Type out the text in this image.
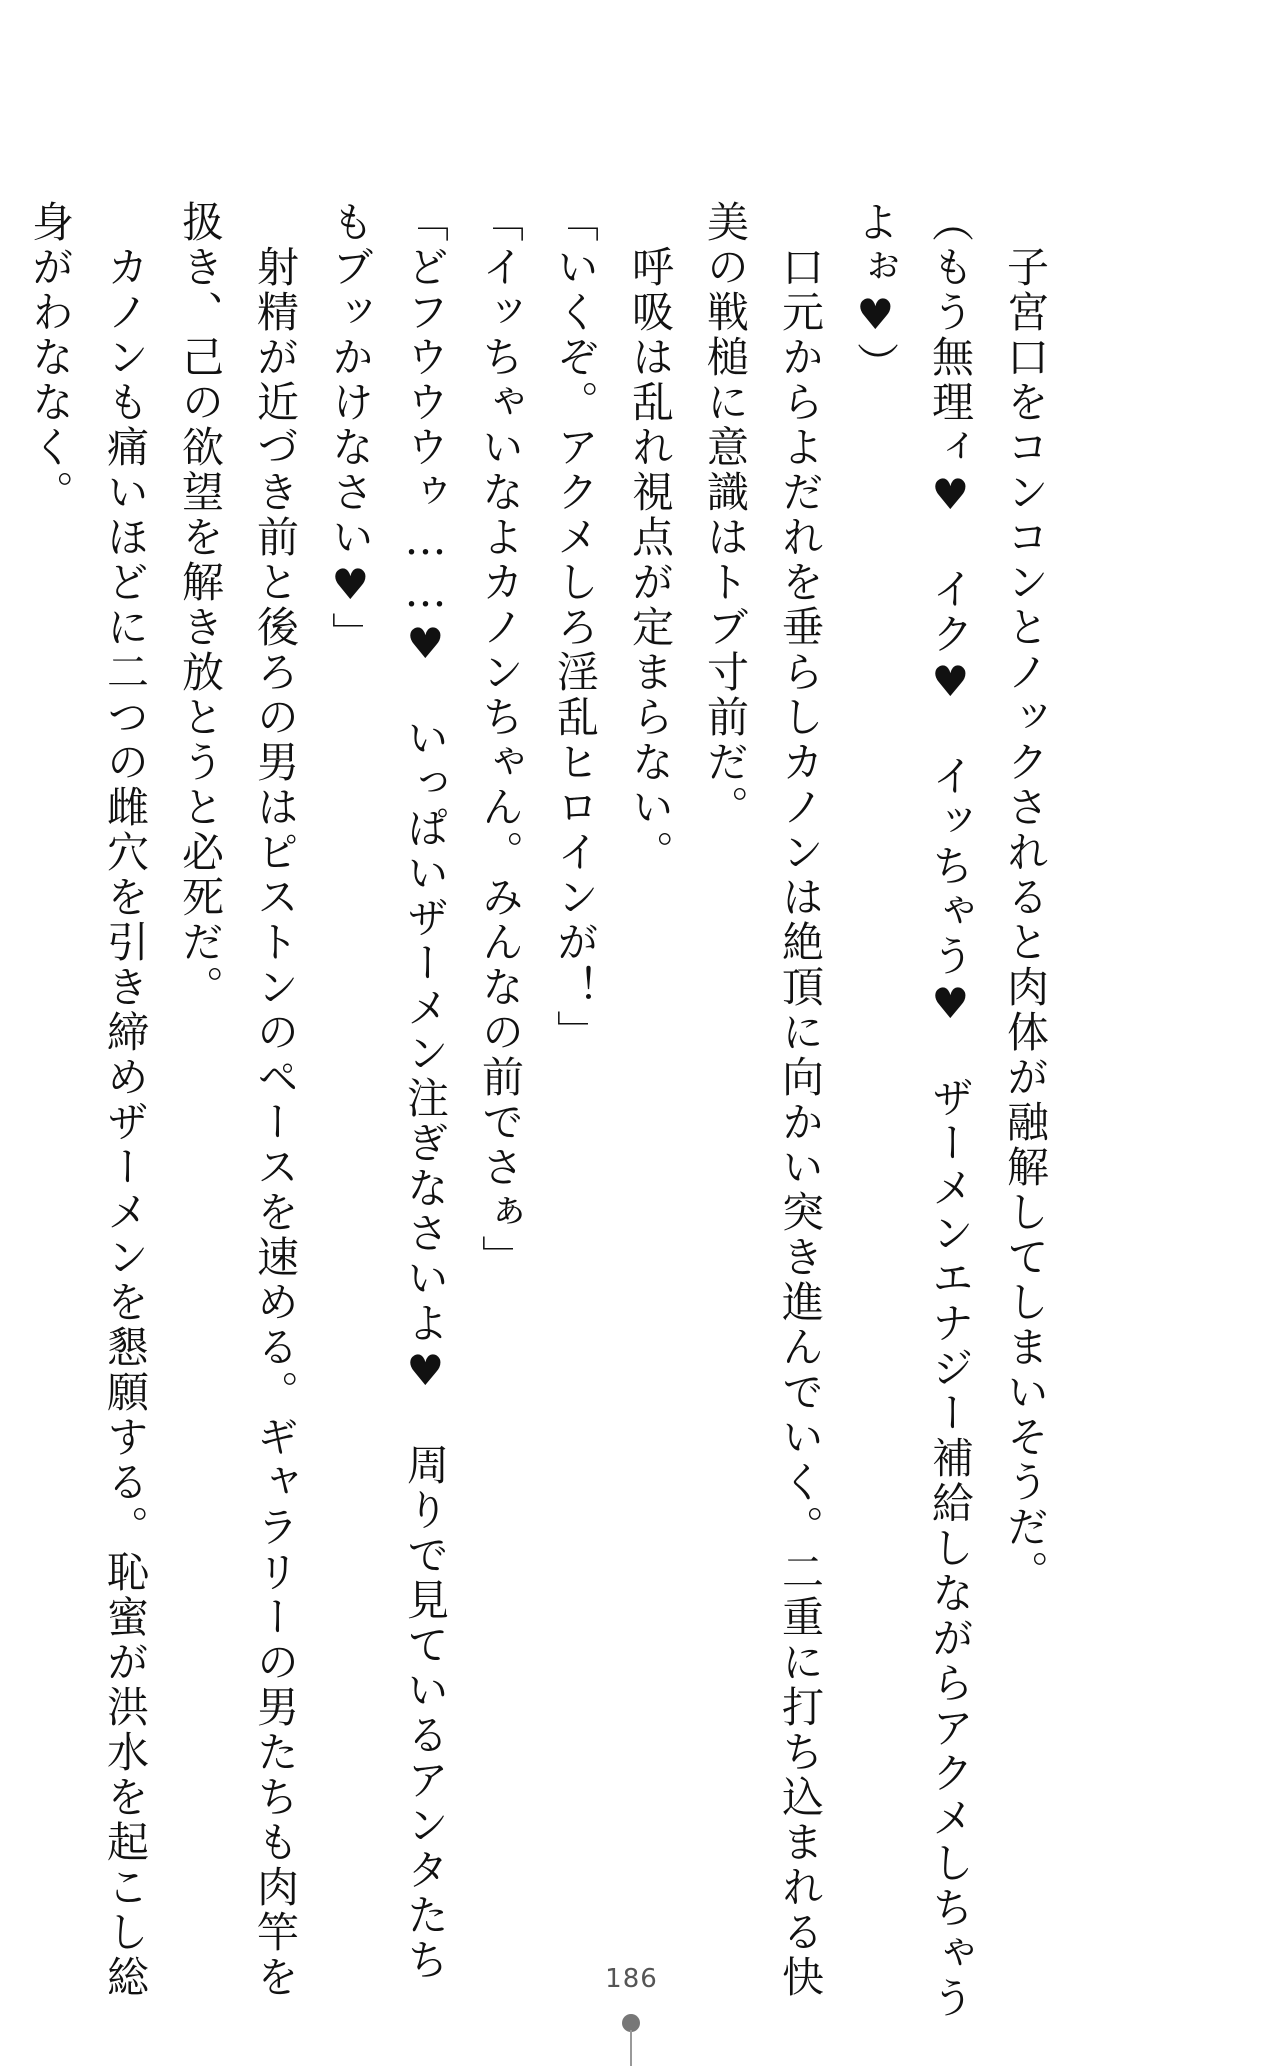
　子宮口をコンコンとノックされると肉体が融解してしまいそうだ。

（もう無理ィ♥　イク♥　イッちゃう♥　ザーメンエナジー補給しながらアクメしちゃう

よぉ♥）

　口元からよだれを垂らしカノンは絶頂に向かい突き進んでいく。二重に打ち込まれる快

美の戦槌に意識はトブ寸前だ。

　呼吸は乱れ視点が定まらない。

「いくぞ。アクメしろ淫乱ヒロインが！」

「イッちゃいなよカノンちゃん。みんなの前でさぁ」

「どフウウウゥ……♥　いっぱいザーメン注ぎなさいよ♥　周りで見ているアンタたち

もブッかけなさい♥」

　射精が近づき前と後ろの男はピストンのペースを速める。ギャラリーの男たちも肉竿を

扱き、己の欲望を解き放とうと必死だ。

　カノンも痛いほどに二つの雌穴を引き締めザーメンを懇願する。恥蜜が洪水を起こし総

身がわななく。

186
